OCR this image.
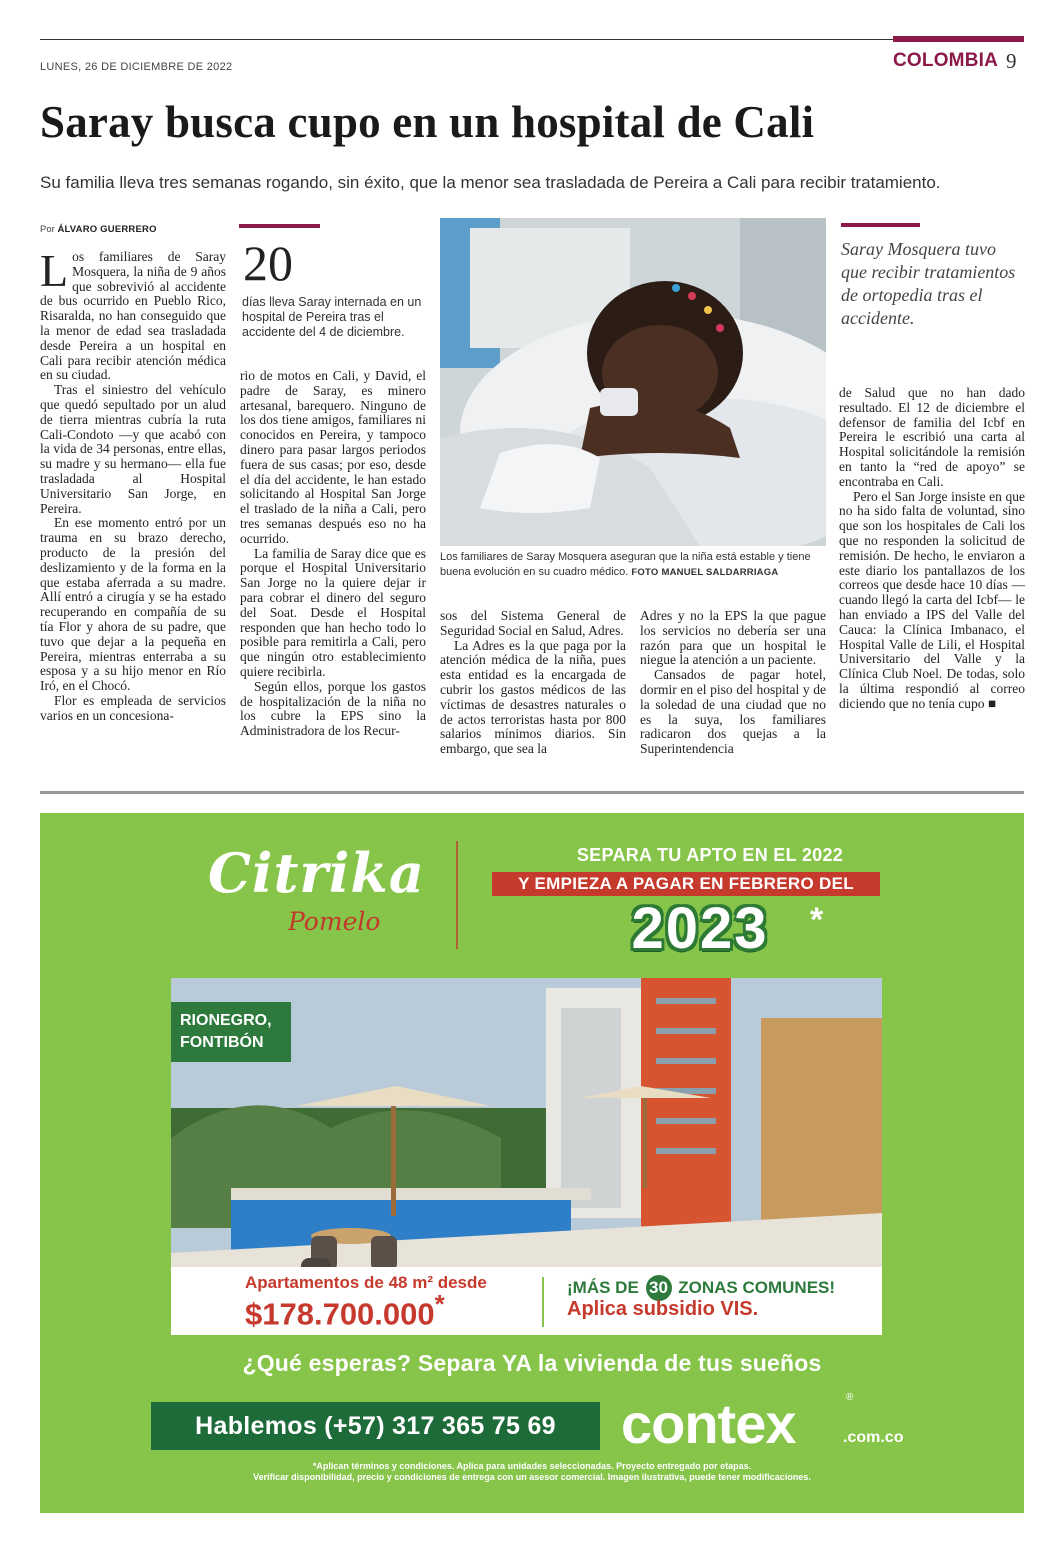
LUNES, 26 DE DICIEMBRE DE 2022	COLOMBIA 9
Saray busca cupo en un hospital de Cali
Su familia lleva tres semanas rogando, sin éxito, que la menor sea trasladada de Pereira a Cali para recibir tratamiento.
Por ÁLVARO GUERRERO

Los familiares de Saray Mosquera, la niña de 9 años que sobrevivió al accidente de bus ocurrido en Pueblo Rico, Risaralda, no han conseguido que la menor de edad sea trasladada desde Pereira a un hospital en Cali para recibir atención médica en su ciudad.

Tras el siniestro del vehículo que quedó sepultado por un alud de tierra mientras cubría la ruta Cali-Condoto —y que acabó con la vida de 34 personas, entre ellas, su madre y su hermano— ella fue trasladada al Hospital Universitario San Jorge, en Pereira.

En ese momento entró por un trauma en su brazo derecho, producto de la presión del deslizamiento y de la forma en la que estaba aferrada a su madre. Allí entró a cirugía y se ha estado recuperando en compañía de su tía Flor y ahora de su padre, que tuvo que dejar a la pequeña en Pereira, mientras enterraba a su esposa y a su hijo menor en Río Iró, en el Chocó.

Flor es empleada de servicios varios en un concesiona-

20
días lleva Saray internada en un hospital de Pereira tras el accidente del 4 de diciembre.

rio de motos en Cali, y David, el padre de Saray, es minero artesanal, barequero. Ninguno de los dos tiene amigos, familiares ni conocidos en Pereira, y tampoco dinero para pasar largos periodos fuera de sus casas; por eso, desde el día del accidente, le han estado solicitando al Hospital San Jorge el traslado de la niña a Cali, pero tres semanas después eso no ha ocurrido.

La familia de Saray dice que es porque el Hospital Universitario San Jorge no la quiere dejar ir para cobrar el dinero del seguro del Soat. Desde el Hospital responden que han hecho todo lo posible para remitirla a Cali, pero que ningún otro establecimiento quiere recibirla.

Según ellos, porque los gastos de hospitalización de la niña no los cubre la EPS sino la Administradora de los Recur-

Los familiares de Saray Mosquera aseguran que la niña está estable y tiene buena evolución en su cuadro médico. FOTO MANUEL SALDARRIAGA

sos del Sistema General de Seguridad Social en Salud, Adres.

La Adres es la que paga por la atención médica de la niña, pues esta entidad es la encargada de cubrir los gastos médicos de las víctimas de desastres naturales o de actos terroristas hasta por 800 salarios mínimos diarios. Sin embargo, que sea la

Adres y no la EPS la que pague los servicios no debería ser una razón para que un hospital le niegue la atención a un paciente.

Cansados de pagar hotel, dormir en el piso del hospital y de la soledad de una ciudad que no es la suya, los familiares radicaron dos quejas a la Superintendencia

Saray Mosquera tuvo que recibir tratamientos de ortopedia tras el accidente.

de Salud que no han dado resultado. El 12 de diciembre el defensor de familia del Icbf en Pereira le escribió una carta al Hospital solicitándole la remisión en tanto la “red de apoyo” se encontraba en Cali.

Pero el San Jorge insiste en que no ha sido falta de voluntad, sino que son los hospitales de Cali los que no responden la solicitud de remisión. De hecho, le enviaron a este diario los pantallazos de los correos que desde hace 10 días —cuando llegó la carta del Icbf— le han enviado a IPS del Valle del Cauca: la Clínica Imbanaco, el Hospital Valle de Lili, el Hospital Universitario del Valle y la Clínica Club Noel. De todas, solo la última respondió al correo diciendo que no tenía cupo ■

Citrika
Pomelo
SEPARA TU APTO EN EL 2022
Y EMPIEZA A PAGAR EN FEBRERO DEL
2023	*
RIONEGRO,
FONTIBÓN
Apartamentos de 48 m² desde
$178.700.000*
¡MÁS DE 30 ZONAS COMUNES!
Aplica subsidio VIS.
¿Qué esperas? Separa YA la vivienda de tus sueños
Hablemos (+57) 317 365 75 69	contex	®
.com.co
*Aplican términos y condiciones. Aplica para unidades seleccionadas. Proyecto entregado por etapas.
Verificar disponibilidad, precio y condiciones de entrega con un asesor comercial. Imagen ilustrativa, puede tener modificaciones.
